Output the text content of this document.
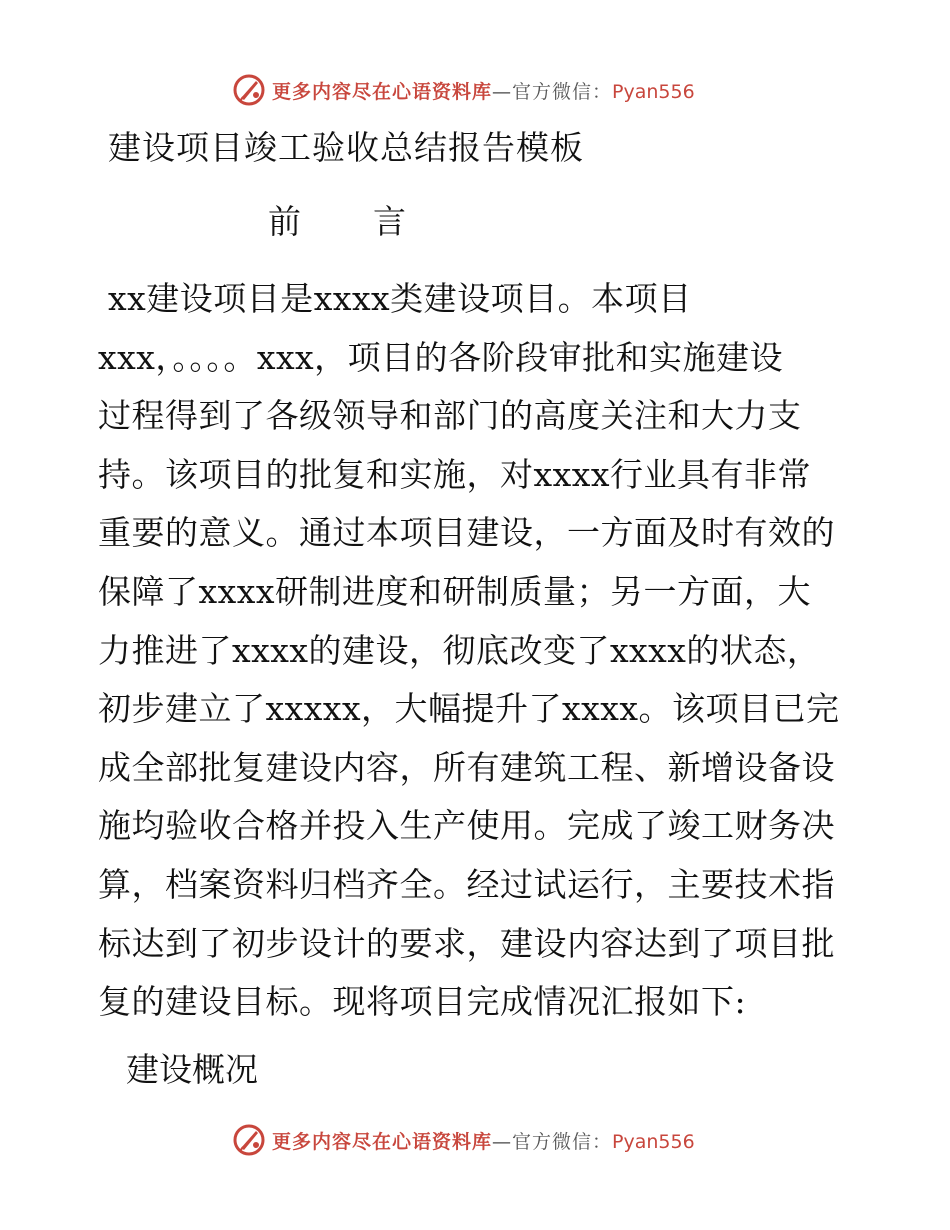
更多内容尽在心语资料库—官方微信：Pyan556
建设项目竣工验收总结报告模板
前 言
xx建设项目是xxxx类建设项目。本项目
xxx，。。。。xxx，项目的各阶段审批和实施建设
过程得到了各级领导和部门的高度关注和大力支
持。该项目的批复和实施，对xxxx行业具有非常
重要的意义。通过本项目建设，一方面及时有效的
保障了xxxx研制进度和研制质量；另一方面，大
力推进了xxxx的建设，彻底改变了xxxx的状态，
初步建立了xxxxx，大幅提升了xxxx。该项目已完
成全部批复建设内容，所有建筑工程、新增设备设
施均验收合格并投入生产使用。完成了竣工财务决
算，档案资料归档齐全。经过试运行，主要技术指
标达到了初步设计的要求，建设内容达到了项目批
复的建设目标。现将项目完成情况汇报如下:
建设概况
更多内容尽在心语资料库—官方微信：Pyan556
